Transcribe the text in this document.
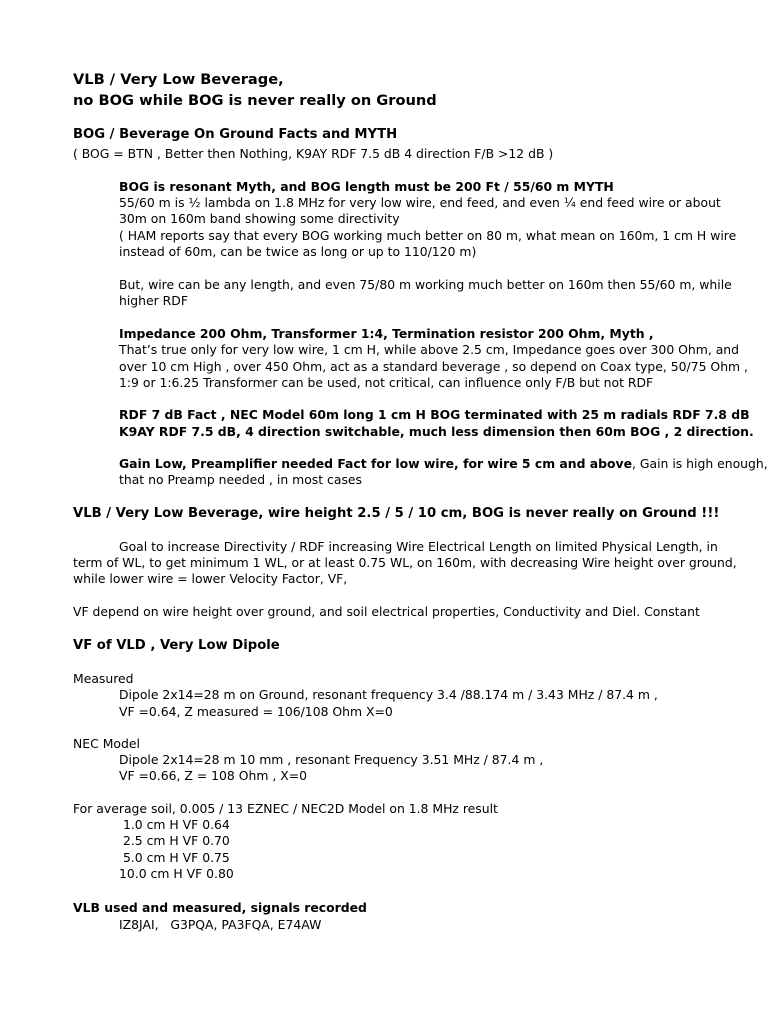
VLB / Very Low Beverage,
no BOG while BOG is never really on Ground
BOG / Beverage On Ground Facts and MYTH
( BOG = BTN , Better then Nothing, K9AY RDF 7.5 dB 4 direction F/B >12 dB )
BOG is resonant Myth, and BOG length must be 200 Ft / 55/60 m MYTH
55/60 m is ½ lambda on 1.8 MHz for very low wire, end feed, and even ¼ end feed wire or about
30m on 160m band showing some directivity
( HAM reports say that every BOG working much better on 80 m, what mean on 160m, 1 cm H wire
instead of 60m, can be twice as long or up to 110/120 m)
But, wire can be any length, and even 75/80 m working much better on 160m then 55/60 m, while
higher RDF
Impedance 200 Ohm, Transformer 1:4, Termination resistor 200 Ohm, Myth ,
That’s true only for very low wire, 1 cm H, while above 2.5 cm, Impedance goes over 300 Ohm, and
over 10 cm High , over 450 Ohm, act as a standard beverage , so depend on Coax type, 50/75 Ohm ,
1:9 or 1:6.25 Transformer can be used, not critical, can influence only F/B but not RDF
RDF 7 dB Fact , NEC Model 60m long 1 cm H BOG terminated with 25 m radials RDF 7.8 dB
K9AY RDF 7.5 dB, 4 direction switchable, much less dimension then 60m BOG , 2 direction.
Gain Low, Preamplifier needed Fact for low wire, for wire 5 cm and above, Gain is high enough,
that no Preamp needed , in most cases
VLB / Very Low Beverage, wire height 2.5 / 5 / 10 cm, BOG is never really on Ground !!!
Goal to increase Directivity / RDF increasing Wire Electrical Length on limited Physical Length, in
term of WL, to get minimum 1 WL, or at least 0.75 WL, on 160m, with decreasing Wire height over ground,
while lower wire = lower Velocity Factor, VF,
VF depend on wire height over ground, and soil electrical properties, Conductivity and Diel. Constant
VF of VLD , Very Low Dipole
Measured
Dipole 2x14=28 m on Ground, resonant frequency 3.4 /88.174 m / 3.43 MHz / 87.4 m ,
VF =0.64, Z measured = 106/108 Ohm X=0
NEC Model
Dipole 2x14=28 m 10 mm , resonant Frequency 3.51 MHz / 87.4 m ,
VF =0.66, Z = 108 Ohm , X=0
For average soil, 0.005 / 13 EZNEC / NEC2D Model on 1.8 MHz result
1.0 cm H VF 0.64
2.5 cm H VF 0.70
5.0 cm H VF 0.75
10.0 cm H VF 0.80
VLB used and measured, signals recorded
IZ8JAI,   G3PQA, PA3FQA, E74AW
